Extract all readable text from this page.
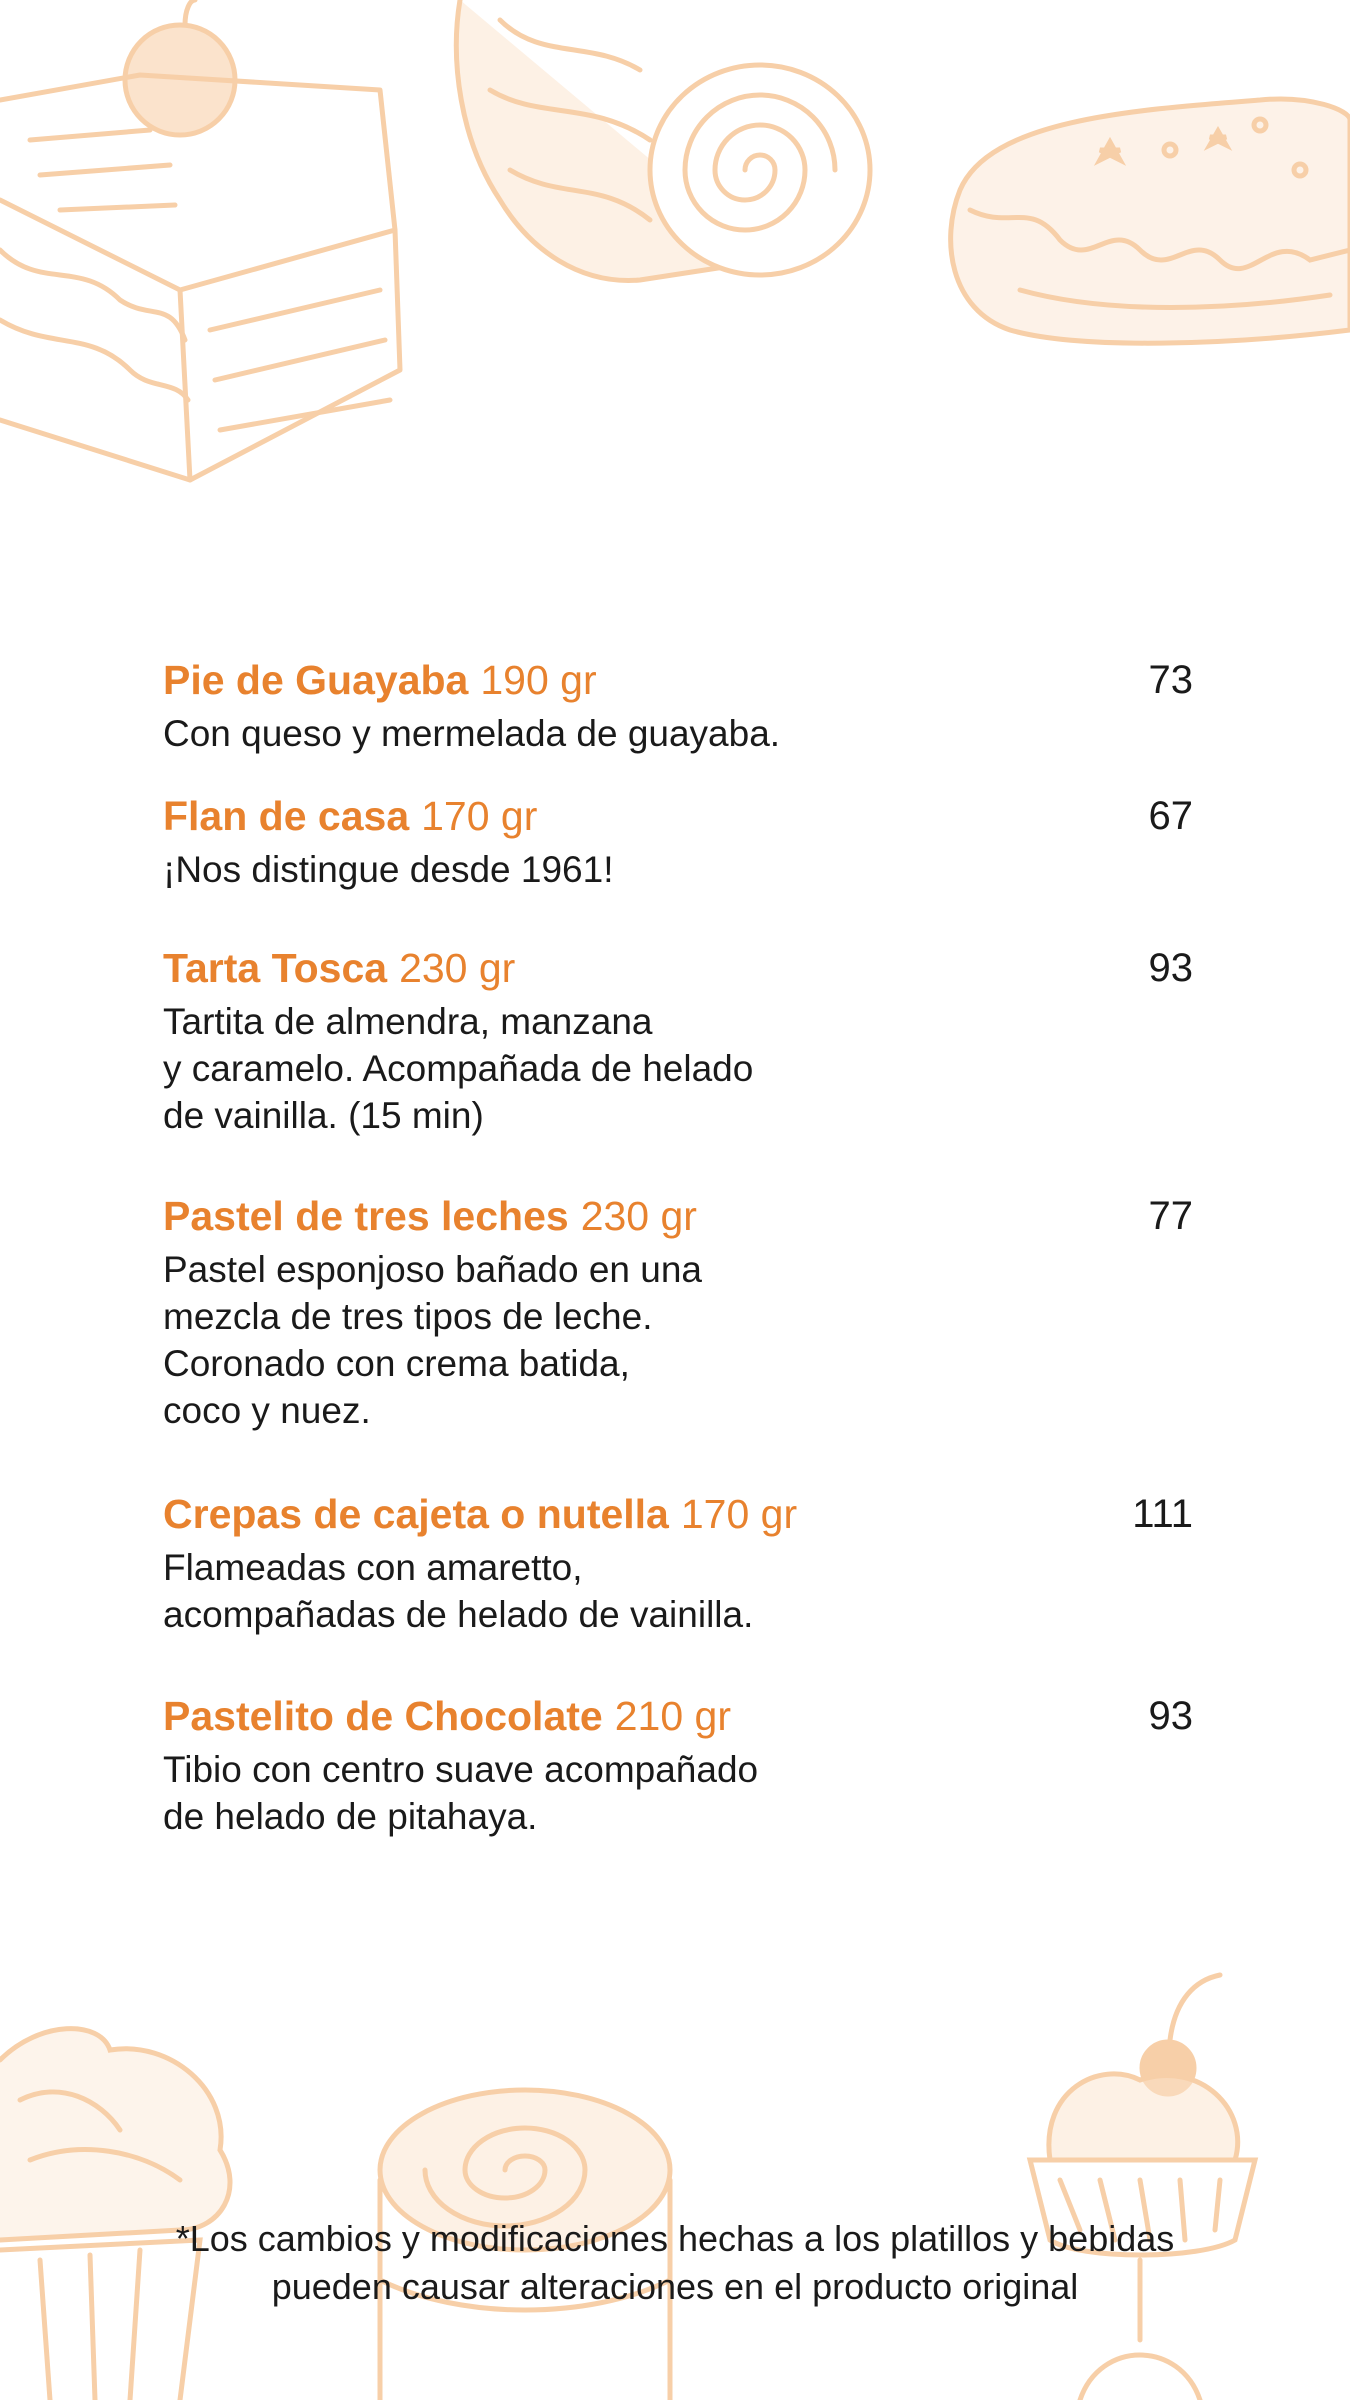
Pie de Guayaba 190 gr	73
Con queso y mermelada de guayaba.
Flan de casa 170 gr	67
¡Nos distingue desde 1961!
Tarta Tosca 230 gr	93
Tartita de almendra, manzana
y caramelo. Acompañada de helado
de vainilla. (15 min)
Pastel de tres leches 230 gr	77
Pastel esponjoso bañado en una
mezcla de tres tipos de leche.
Coronado con crema batida,
coco y nuez.
Crepas de cajeta o nutella 170 gr	111
Flameadas con amaretto,
acompañadas de helado de vainilla.
Pastelito de Chocolate 210 gr	93
Tibio con centro suave acompañado
de helado de pitahaya.
*Los cambios y modificaciones hechas a los platillos y bebidas
pueden causar alteraciones en el producto original
